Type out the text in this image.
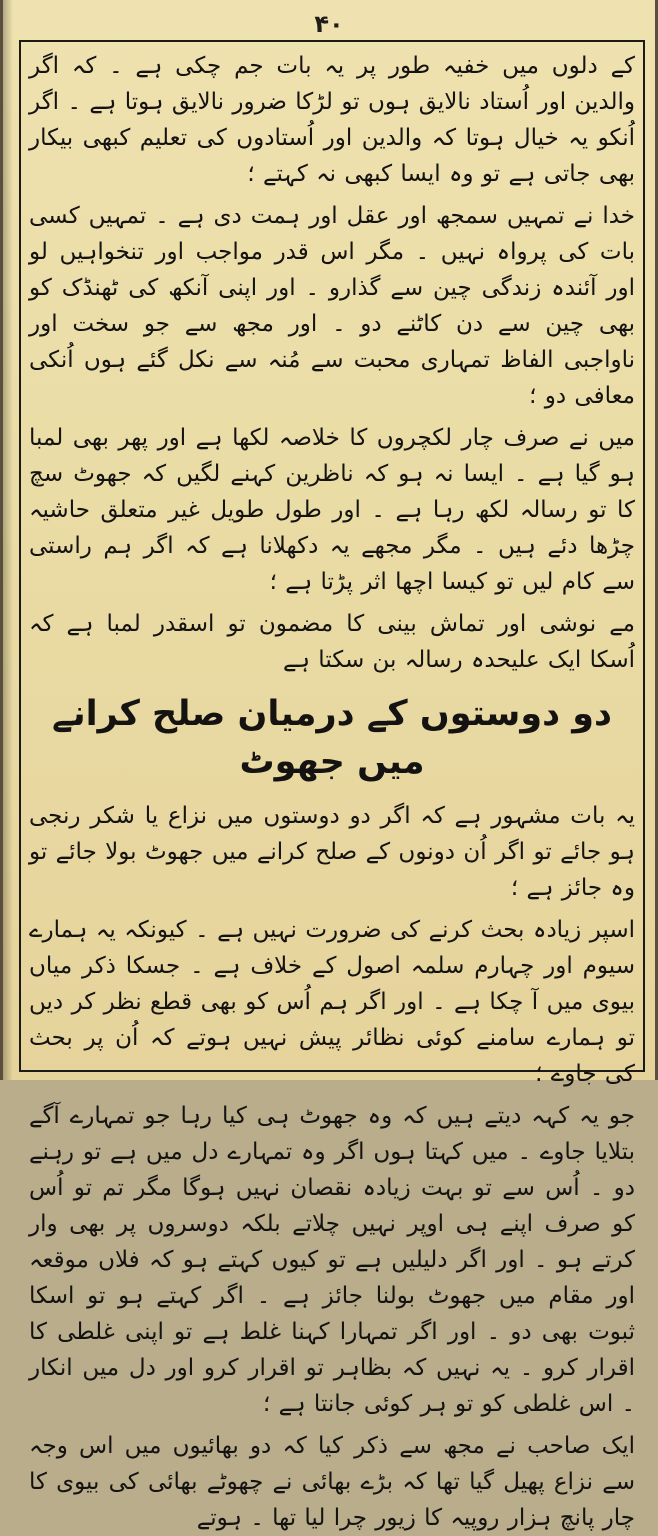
۴۰

کے دلوں میں خفیہ طور پر یہ بات جم چکی ہے ۔ کہ اگر والدین اور اُستاد نالایق ہوں تو لڑکا ضرور نالایق ہوتا ہے ۔ اگر اُنکو یہ خیال ہوتا کہ والدین اور اُستادوں کی تعلیم کبھی بیکار بھی جاتی ہے تو وہ ایسا کبھی نہ کہتے ؛

خدا نے تمہیں سمجھ اور عقل اور ہمت دی ہے ۔ تمہیں کسی بات کی پرواہ نہیں ۔ مگر اس قدر مواجب اور تنخواہیں لو اور آئندہ زندگی چین سے گذارو ۔ اور اپنی آنکھ کی ٹھنڈک کو بھی چین سے دن کاٹنے دو ۔ اور مجھ سے جو سخت اور ناواجبی الفاظ تمہاری محبت سے مُنہ سے نکل گئے ہوں اُنکی معافی دو ؛

میں نے صرف چار لکچروں کا خلاصہ لکھا ہے اور پھر بھی لمبا ہو گیا ہے ۔ ایسا نہ ہو کہ ناظرین کہنے لگیں کہ جھوٹ سچ کا تو رسالہ لکھ رہا ہے ۔ اور طول طویل غیر متعلق حاشیہ چڑھا دئے ہیں ۔ مگر مجھے یہ دکھلانا ہے کہ اگر ہم راستی سے کام لیں تو کیسا اچھا اثر پڑتا ہے ؛

مے نوشی اور تماش بینی کا مضمون تو اسقدر لمبا ہے کہ اُسکا ایک علیحدہ رسالہ بن سکتا ہے

دو دوستوں کے درمیان صلح کرانے میں جھوٹ

یہ بات مشہور ہے کہ اگر دو دوستوں میں نزاع یا شکر رنجی ہو جائے تو اگر اُن دونوں کے صلح کرانے میں جھوٹ بولا جائے تو وہ جائز ہے ؛

اسپر زیادہ بحث کرنے کی ضرورت نہیں ہے ۔ کیونکہ یہ ہمارے سیوم اور چہارم سلمہ اصول کے خلاف ہے ۔ جسکا ذکر میاں بیوی میں آ چکا ہے ۔ اور اگر ہم اُس کو بھی قطع نظر کر دیں تو ہمارے سامنے کوئی نظائر پیش نہیں ہوتے کہ اُن پر بحث کی جاوے ؛

جو یہ کہہ دیتے ہیں کہ وہ جھوٹ ہی کیا رہا جو تمہارے آگے بتلایا جاوے ۔ میں کہتا ہوں اگر وہ تمہارے دل میں ہے تو رہنے دو ۔ اُس سے تو بہت زیادہ نقصان نہیں ہوگا مگر تم تو اُس کو صرف اپنے ہی اوپر نہیں چلاتے بلکہ دوسروں پر بھی وار کرتے ہو ۔ اور اگر دلیلیں ہے تو کیوں کہتے ہو کہ فلاں موقعہ اور مقام میں جھوٹ بولنا جائز ہے ۔ اگر کہتے ہو تو اسکا ثبوت بھی دو ۔ اور اگر تمہارا کہنا غلط ہے تو اپنی غلطی کا اقرار کرو ۔ یہ نہیں کہ بظاہر تو اقرار کرو اور دل میں انکار ۔ اس غلطی کو تو ہر کوئی جانتا ہے ؛

ایک صاحب نے مجھ سے ذکر کیا کہ دو بھائیوں میں اس وجہ سے نزاع پھیل گیا تھا کہ بڑے بھائی نے چھوٹے بھائی کی بیوی کا چار پانچ ہزار روپیہ کا زیور چرا لیا تھا ۔ ہوتے
